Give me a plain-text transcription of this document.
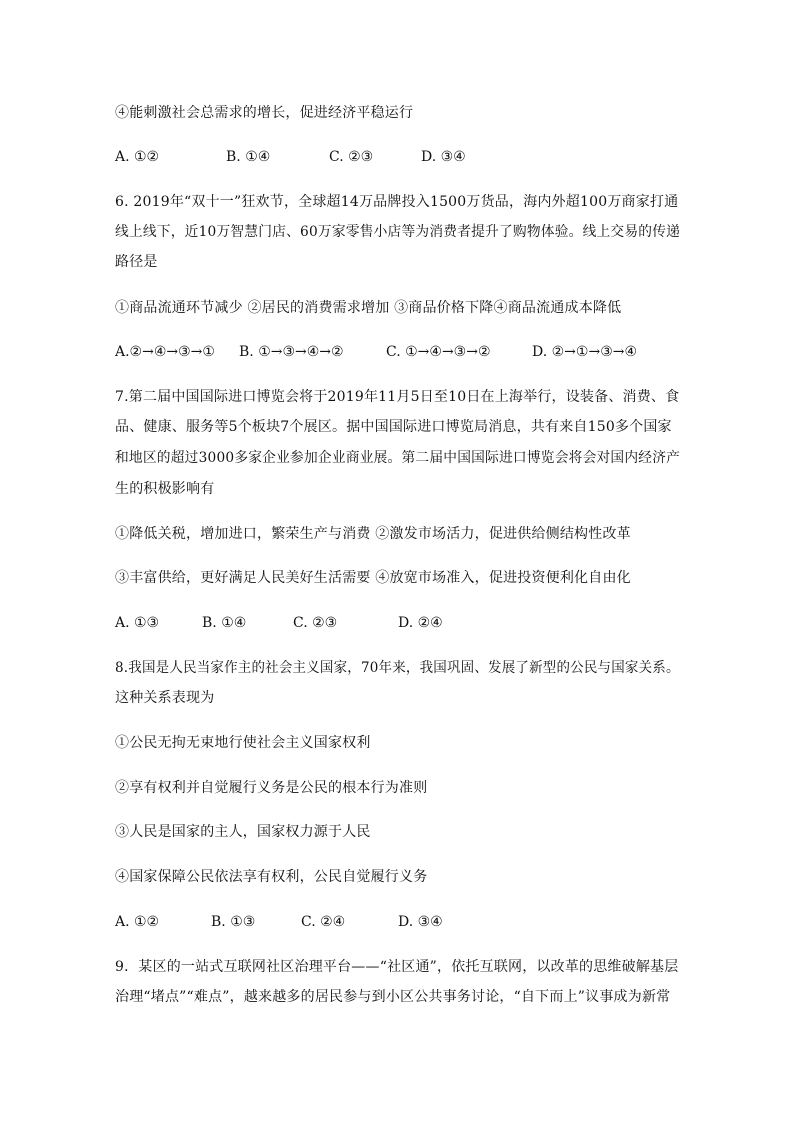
④能刺激社会总需求的增长，促进经济平稳运行
A. ①②	B. ①④	C. ②③	D. ③④
6. 2019年“双十一”狂欢节，全球超14万品牌投入1500万货品，海内外超100万商家打通
线上线下，近10万智慧门店、60万家零售小店等为消费者提升了购物体验。线上交易的传递
路径是
①商品流通环节减少 ②居民的消费需求增加 ③商品价格下降④商品流通成本降低
A.②→④→③→① B. ①→③→④→②	C. ①→④→③→②	D. ②→①→③→④
7.第二届中国国际进口博览会将于2019年11月5日至10日在上海举行，设装备、消费、食
品、健康、服务等5个板块7个展区。据中国国际进口博览局消息，共有来自150多个国家
和地区的超过3000多家企业参加企业商业展。第二届中国国际进口博览会将会对国内经济产
生的积极影响有
①降低关税，增加进口，繁荣生产与消费 ②激发市场活力，促进供给侧结构性改革
③丰富供给，更好满足人民美好生活需要 ④放宽市场准入，促进投资便利化自由化
A. ①③	B. ①④	C. ②③	D. ②④
8.我国是人民当家作主的社会主义国家，70年来，我国巩固、发展了新型的公民与国家关系。
这种关系表现为
①公民无拘无束地行使社会主义国家权利
②享有权利并自觉履行义务是公民的根本行为准则
③人民是国家的主人，国家权力源于人民
④国家保障公民依法享有权利，公民自觉履行义务
A. ①②	B. ①③	C. ②④	D. ③④
9．某区的一站式互联网社区治理平台——“社区通”，依托互联网，以改革的思维破解基层
治理“堵点”“难点”，越来越多的居民参与到小区公共事务讨论，“自下而上”议事成为新常
